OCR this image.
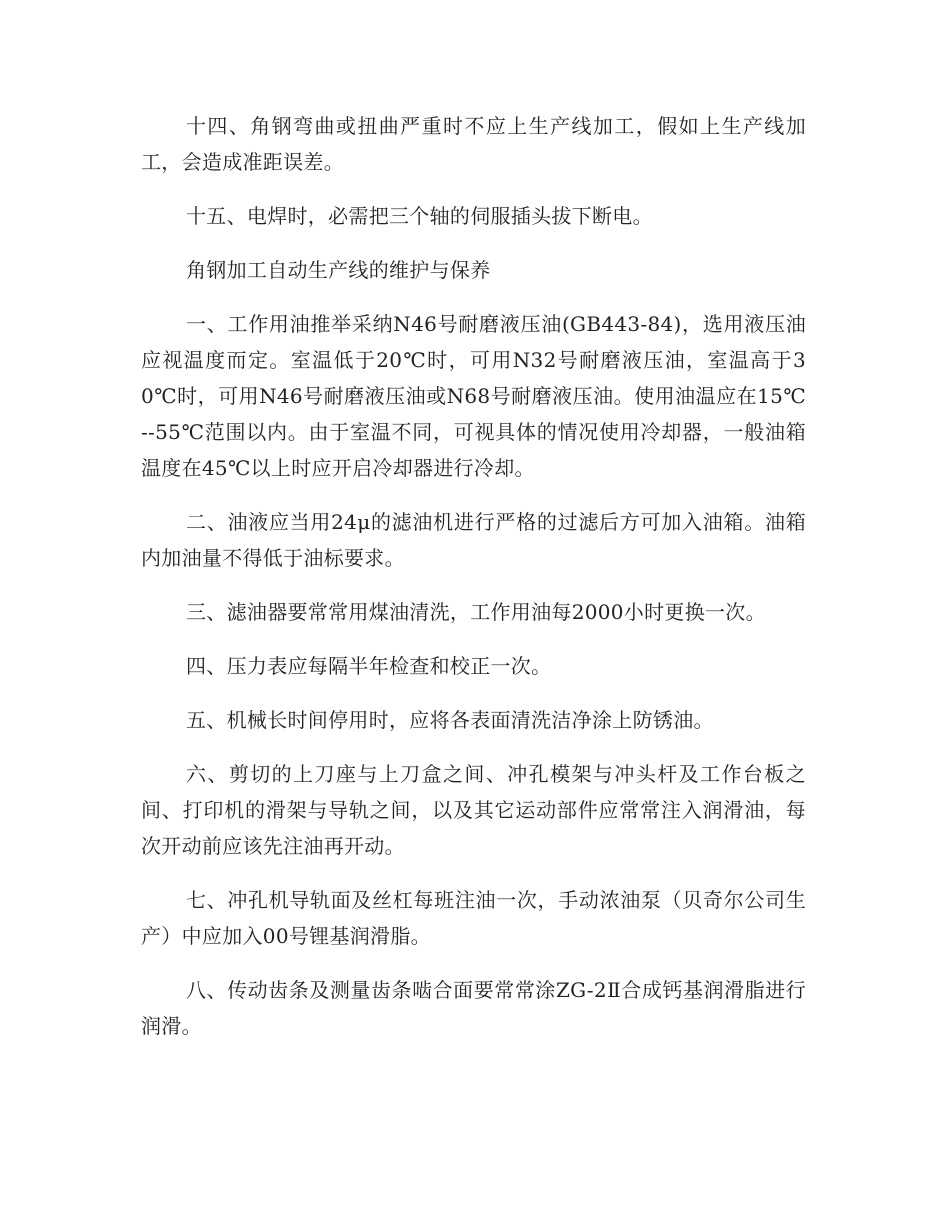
十四、角钢弯曲或扭曲严重时不应上生产线加工，假如上生产线加工，会造成准距误差。

十五、电焊时，必需把三个轴的伺服插头拔下断电。

角钢加工自动生产线的维护与保养

一、工作用油推举采纳N46号耐磨液压油(GB443-84)，选用液压油应视温度而定。室温低于20℃时，可用N32号耐磨液压油，室温高于30℃时，可用N46号耐磨液压油或N68号耐磨液压油。使用油温应在15℃--55℃范围以内。由于室温不同，可视具体的情况使用冷却器，一般油箱温度在45℃以上时应开启冷却器进行冷却。

二、油液应当用24μ的滤油机进行严格的过滤后方可加入油箱。油箱内加油量不得低于油标要求。

三、滤油器要常常用煤油清洗，工作用油每2000小时更换一次。

四、压力表应每隔半年检查和校正一次。

五、机械长时间停用时，应将各表面清洗洁净涂上防锈油。

六、剪切的上刀座与上刀盒之间、冲孔模架与冲头杆及工作台板之间、打印机的滑架与导轨之间，以及其它运动部件应常常注入润滑油，每次开动前应该先注油再开动。

七、冲孔机导轨面及丝杠每班注油一次，手动浓油泵（贝奇尔公司生产）中应加入00号锂基润滑脂。

八、传动齿条及测量齿条啮合面要常常涂ZG-2Ⅱ合成钙基润滑脂进行润滑。
